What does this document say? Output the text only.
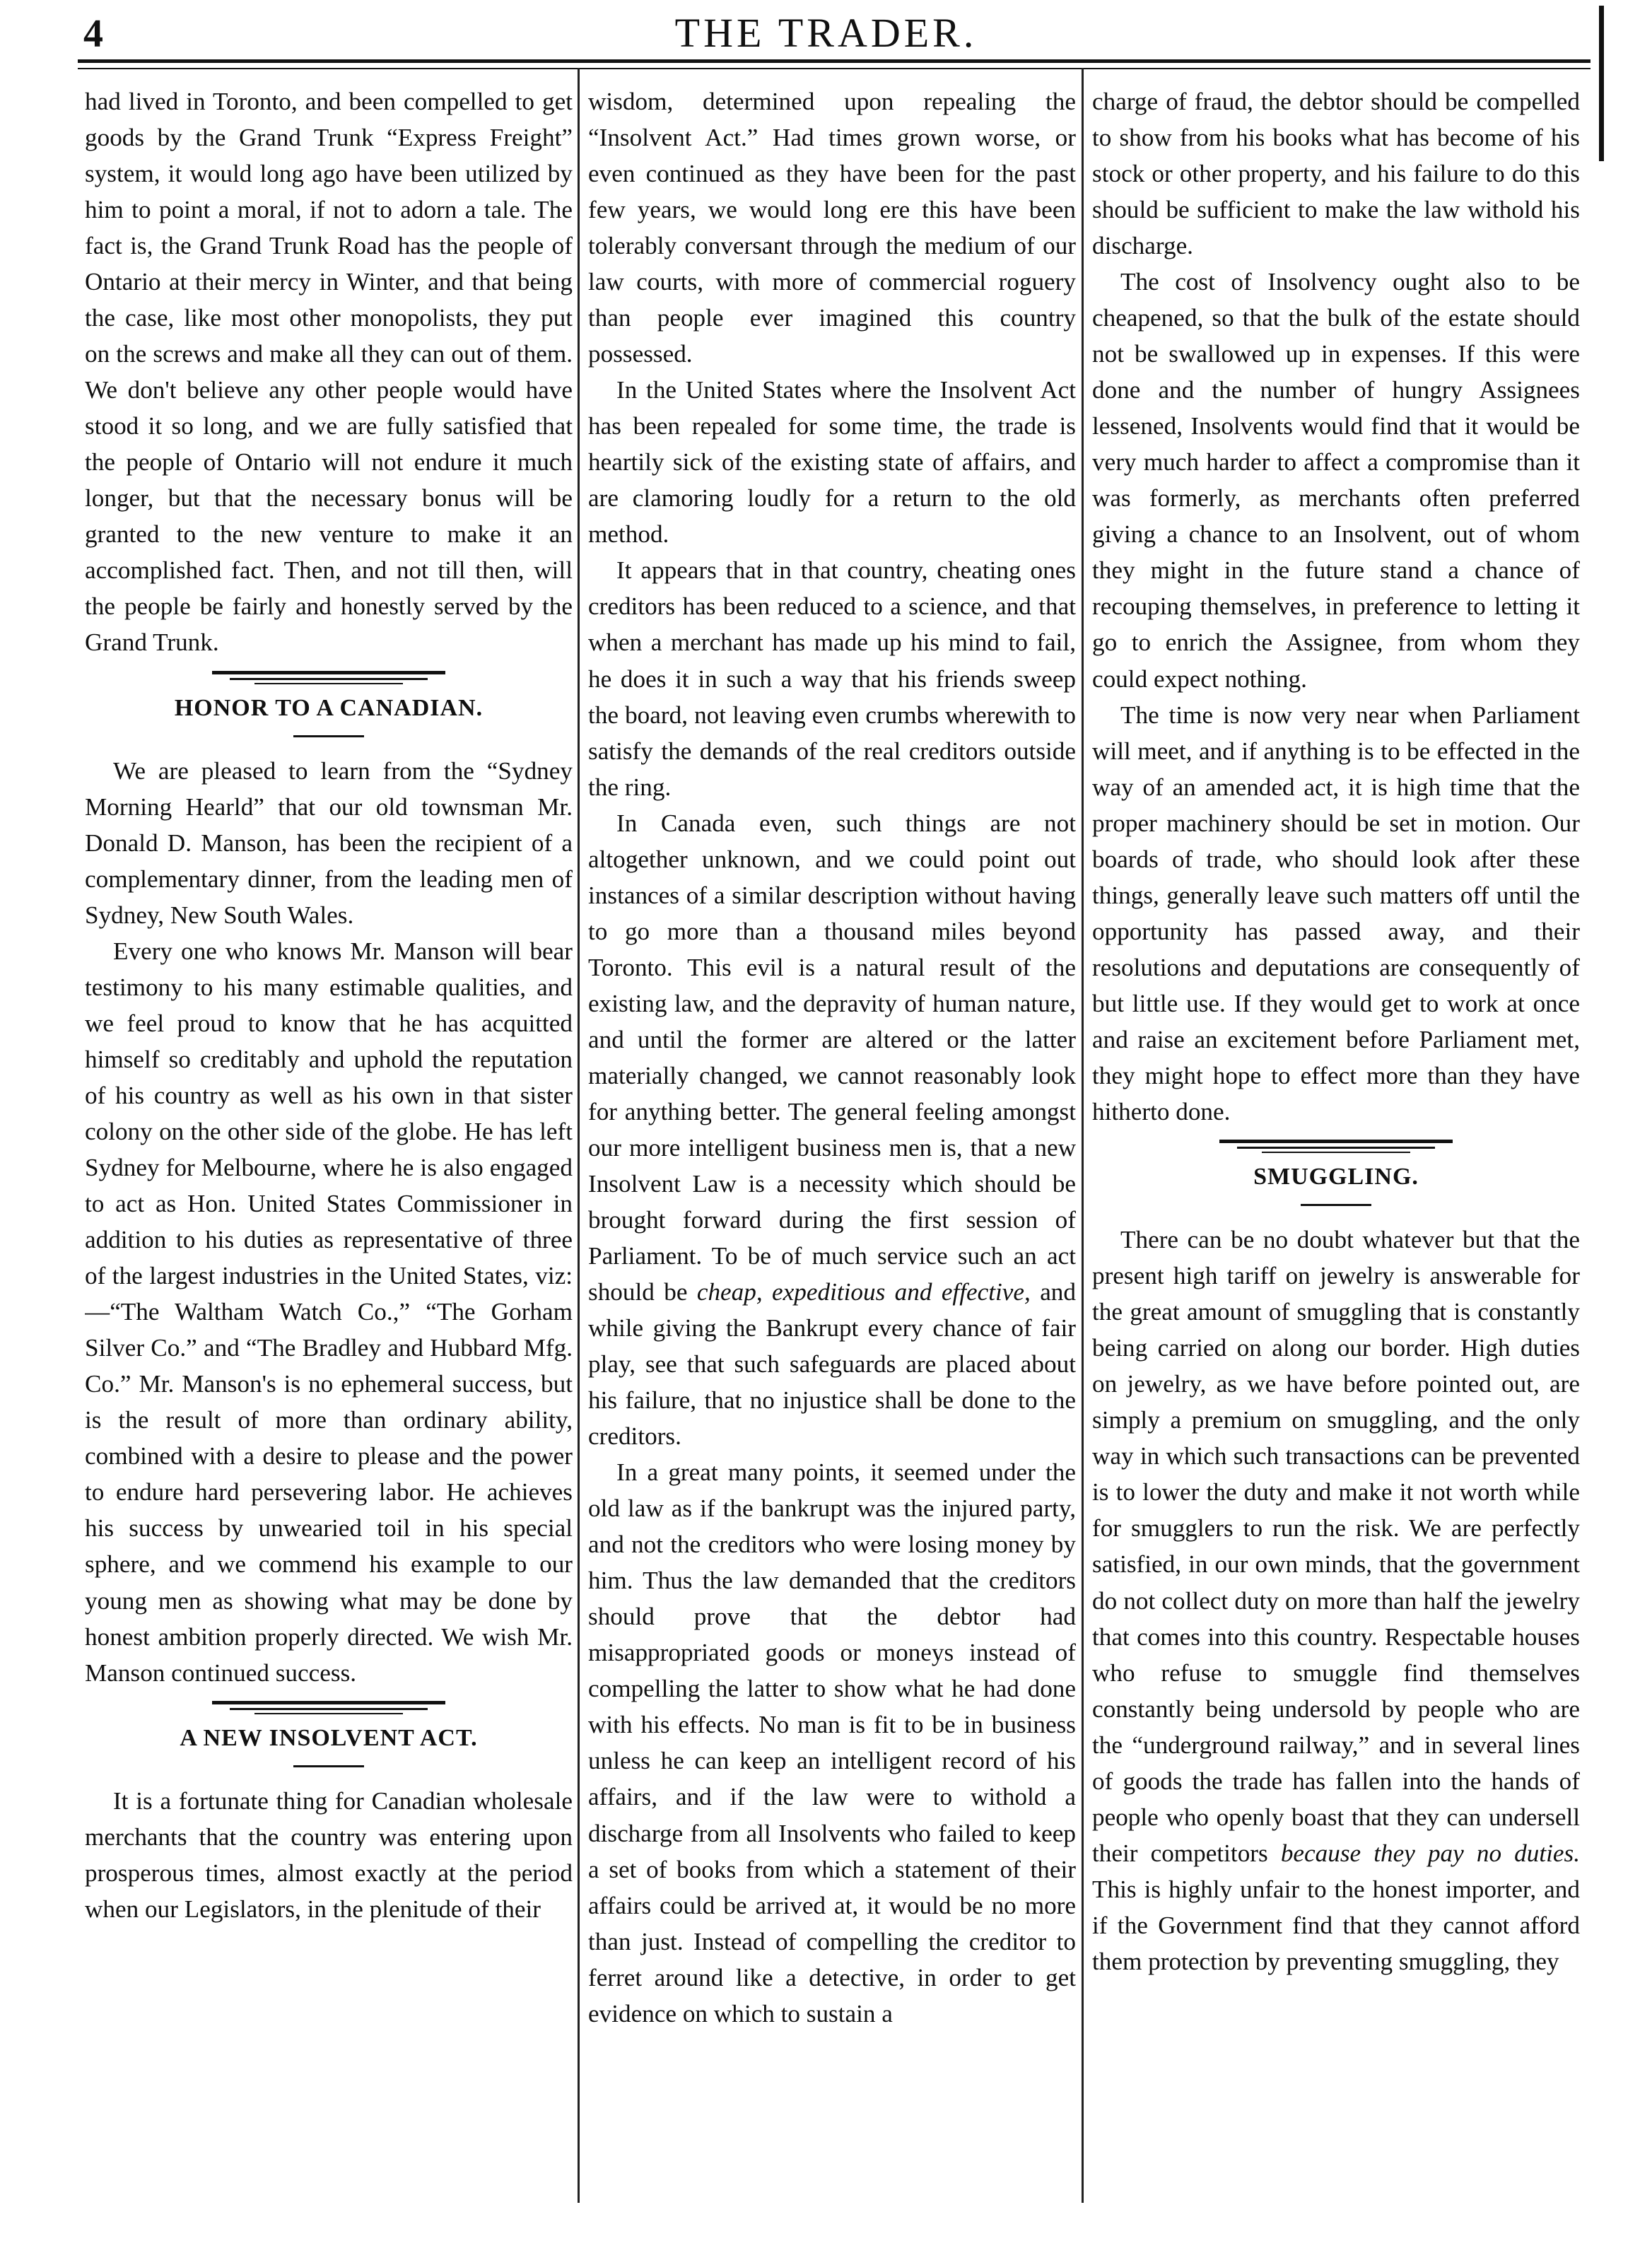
4	THE TRADER.

had lived in Toronto, and been compelled to get goods by the Grand Trunk “Express Freight” system, it would long ago have been utilized by him to point a moral, if not to adorn a tale. The fact is, the Grand Trunk Road has the people of Ontario at their mercy in Winter, and that being the case, like most other monopolists, they put on the screws and make all they can out of them. We don't believe any other people would have stood it so long, and we are fully satisfied that the people of Ontario will not endure it much longer, but that the necessary bonus will be granted to the new venture to make it an accomplished fact. Then, and not till then, will the people be fairly and honestly served by the Grand Trunk.

HONOR TO A CANADIAN.

We are pleased to learn from the “Sydney Morning Hearld” that our old townsman Mr. Donald D. Manson, has been the recipient of a complementary dinner, from the leading men of Sydney, New South Wales.

Every one who knows Mr. Manson will bear testimony to his many estimable qualities, and we feel proud to know that he has acquitted himself so creditably and uphold the reputation of his country as well as his own in that sister colony on the other side of the globe. He has left Sydney for Melbourne, where he is also engaged to act as Hon. United States Commissioner in addition to his duties as representative of three of the largest industries in the United States, viz:—“The Waltham Watch Co.,” “The Gorham Silver Co.” and “The Bradley and Hubbard Mfg. Co.” Mr. Manson's is no ephemeral success, but is the result of more than ordinary ability, combined with a desire to please and the power to endure hard persevering labor. He achieves his success by unwearied toil in his special sphere, and we commend his example to our young men as showing what may be done by honest ambition properly directed. We wish Mr. Manson continued success.

A NEW INSOLVENT ACT.

It is a fortunate thing for Canadian wholesale merchants that the country was entering upon prosperous times, almost exactly at the period when our Legislators, in the plenitude of their

wisdom, determined upon repealing the “Insolvent Act.” Had times grown worse, or even continued as they have been for the past few years, we would long ere this have been tolerably conversant through the medium of our law courts, with more of commercial roguery than people ever imagined this country possessed.

In the United States where the Insolvent Act has been repealed for some time, the trade is heartily sick of the existing state of affairs, and are clamoring loudly for a return to the old method.

It appears that in that country, cheating ones creditors has been reduced to a science, and that when a merchant has made up his mind to fail, he does it in such a way that his friends sweep the board, not leaving even crumbs wherewith to satisfy the demands of the real creditors outside the ring.

In Canada even, such things are not altogether unknown, and we could point out instances of a similar description without having to go more than a thousand miles beyond Toronto. This evil is a natural result of the existing law, and the depravity of human nature, and until the former are altered or the latter materially changed, we cannot reasonably look for anything better. The general feeling amongst our more intelligent business men is, that a new Insolvent Law is a necessity which should be brought forward during the first session of Parliament. To be of much service such an act should be cheap, expeditious and effective, and while giving the Bankrupt every chance of fair play, see that such safeguards are placed about his failure, that no injustice shall be done to the creditors.

In a great many points, it seemed under the old law as if the bankrupt was the injured party, and not the creditors who were losing money by him. Thus the law demanded that the creditors should prove that the debtor had misappropriated goods or moneys instead of compelling the latter to show what he had done with his effects. No man is fit to be in business unless he can keep an intelligent record of his affairs, and if the law were to withold a discharge from all Insolvents who failed to keep a set of books from which a statement of their affairs could be arrived at, it would be no more than just. Instead of compelling the creditor to ferret around like a detective, in order to get evidence on which to sustain a

charge of fraud, the debtor should be compelled to show from his books what has become of his stock or other property, and his failure to do this should be sufficient to make the law withold his discharge.

The cost of Insolvency ought also to be cheapened, so that the bulk of the estate should not be swallowed up in expenses. If this were done and the number of hungry Assignees lessened, Insolvents would find that it would be very much harder to affect a compromise than it was formerly, as merchants often preferred giving a chance to an Insolvent, out of whom they might in the future stand a chance of recouping themselves, in preference to letting it go to enrich the Assignee, from whom they could expect nothing.

The time is now very near when Parliament will meet, and if anything is to be effected in the way of an amended act, it is high time that the proper machinery should be set in motion. Our boards of trade, who should look after these things, generally leave such matters off until the opportunity has passed away, and their resolutions and deputations are consequently of but little use. If they would get to work at once and raise an excitement before Parliament met, they might hope to effect more than they have hitherto done.

SMUGGLING.

There can be no doubt whatever but that the present high tariff on jewelry is answerable for the great amount of smuggling that is constantly being carried on along our border. High duties on jewelry, as we have before pointed out, are simply a premium on smuggling, and the only way in which such transactions can be prevented is to lower the duty and make it not worth while for smugglers to run the risk. We are perfectly satisfied, in our own minds, that the government do not collect duty on more than half the jewelry that comes into this country. Respectable houses who refuse to smuggle find themselves constantly being undersold by people who are the “underground railway,” and in several lines of goods the trade has fallen into the hands of people who openly boast that they can undersell their competitors because they pay no duties. This is highly unfair to the honest importer, and if the Government find that they cannot afford them protection by preventing smuggling, they
